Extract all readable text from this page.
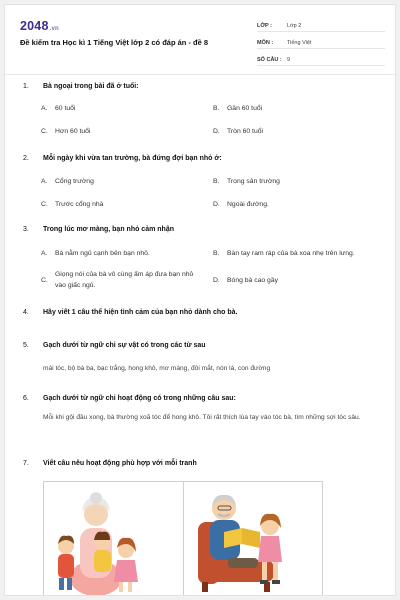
2048.vn
Đề kiểm tra Học kì 1 Tiếng Việt lớp 2 có đáp án - đề 8
LỚP :	Lớp 2
MÔN :	Tiếng Việt
SỐ CÂU : 9
1.	Bà ngoại trong bài đã ở tuổi:
A.	60 tuổi	B.	Gần 60 tuổi
C.	Hơn 60 tuổi	D.	Tròn 60 tuổi
2.	Mỗi ngày khi vừa tan trường, bà đứng đợi bạn nhỏ ở:
A.	Cổng trường	B.	Trong sân trường
C.	Trước cổng nhà	D.	Ngoài đường.
3.	Trong lúc mơ màng, bạn nhỏ cảm nhận
A.	Bà nằm ngủ cạnh bên bạn nhỏ.	B.	Bàn tay ram ráp của bà xoa nhẹ trên lưng.
C.
Giọng nói của bà vô cùng ấm áp đưa bạn nhỏ vào giấc ngủ.
D.	Bóng bà cao gầy
4.	Hãy viết 1 câu thể hiện tình cảm của bạn nhỏ dành cho bà.
5.	Gạch dưới từ ngữ chỉ sự vật có trong các từ sau
mái tóc, bộ bà ba, bạc trắng, hong khô, mơ màng, đôi mắt, nón lá, con đường
6.	Gạch dưới từ ngữ chỉ hoạt động có trong những câu sau:
Mỗi khi gội đầu xong, bà thường xoã tóc để hong khô. Tôi rất thích lùa tay vào tóc bà, tìm những sợi tóc sâu.
7.	Viết câu nêu hoạt động phù hợp với mỗi tranh
